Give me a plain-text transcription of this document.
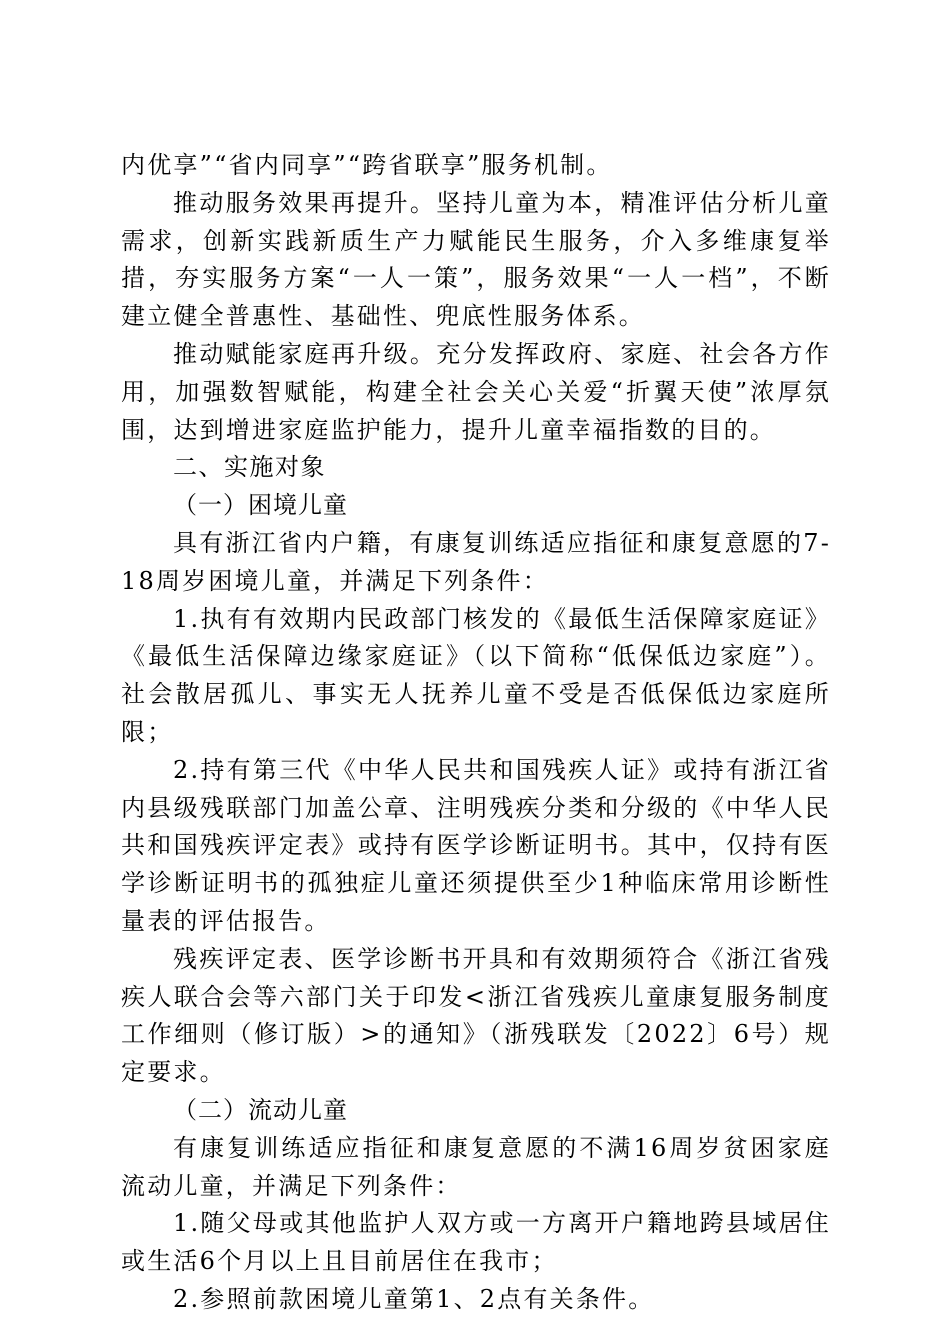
内优享”“省内同享”“跨省联享”服务机制。

推动服务效果再提升。坚持儿童为本，精准评估分析儿童需求，创新实践新质生产力赋能民生服务，介入多维康复举措，夯实服务方案“一人一策”，服务效果“一人一档”，不断建立健全普惠性、基础性、兜底性服务体系。

推动赋能家庭再升级。充分发挥政府、家庭、社会各方作用，加强数智赋能，构建全社会关心关爱“折翼天使”浓厚氛围，达到增进家庭监护能力，提升儿童幸福指数的目的。

二、实施对象

（一）困境儿童

具有浙江省内户籍，有康复训练适应指征和康复意愿的7-18周岁困境儿童，并满足下列条件：

1.执有有效期内民政部门核发的《最低生活保障家庭证》《最低生活保障边缘家庭证》（以下简称“低保低边家庭”）。社会散居孤儿、事实无人抚养儿童不受是否低保低边家庭所限；

2.持有第三代《中华人民共和国残疾人证》或持有浙江省内县级残联部门加盖公章、注明残疾分类和分级的《中华人民共和国残疾评定表》或持有医学诊断证明书。其中，仅持有医学诊断证明书的孤独症儿童还须提供至少1种临床常用诊断性量表的评估报告。

残疾评定表、医学诊断书开具和有效期须符合《浙江省残疾人联合会等六部门关于印发<浙江省残疾儿童康复服务制度工作细则（修订版）>的通知》（浙残联发〔2022〕6号）规定要求。

（二）流动儿童

有康复训练适应指征和康复意愿的不满16周岁贫困家庭流动儿童，并满足下列条件：

1.随父母或其他监护人双方或一方离开户籍地跨县域居住或生活6个月以上且目前居住在我市；

2.参照前款困境儿童第1、2点有关条件。
